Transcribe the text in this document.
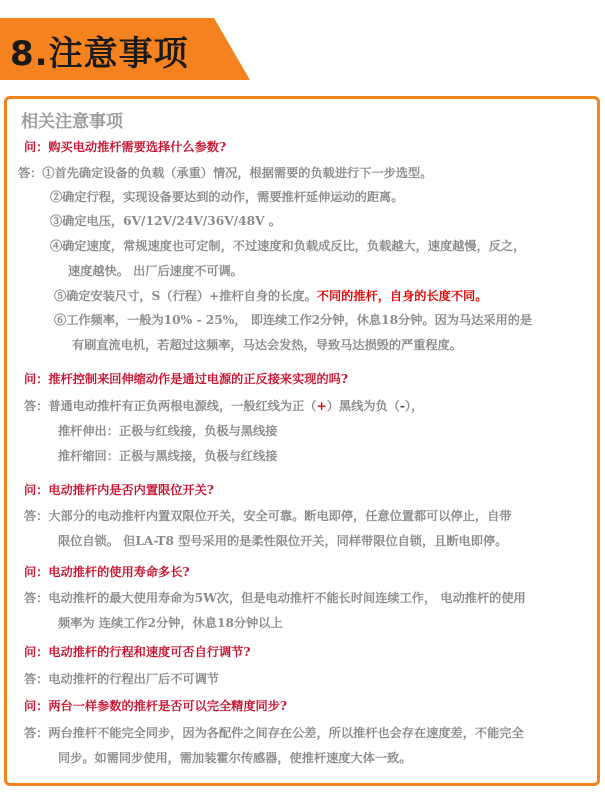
8.注意事项
相关注意事项
问：购买电动推杆需要选择什么参数?
答：①首先确定设备的负载（承重）情况，根据需要的负载进行下一步选型。
②确定行程，实现设备要达到的动作，需要推杆延伸运动的距离。
③确定电压，6V/12V/24V/36V/48V 。
④确定速度，常规速度也可定制，不过速度和负载成反比，负载越大，速度越慢，反之，
速度越快。 出厂后速度不可调。
⑤确定安装尺寸，S（行程）+推杆自身的长度。不同的推杆，自身的长度不同。
⑥工作频率，一般为10% - 25%， 即连续工作2分钟，休息18分钟。因为马达采用的是
有刷直流电机，若超过这频率，马达会发热，导致马达损毁的严重程度。
问：推杆控制来回伸缩动作是通过电源的正反接来实现的吗?
答：普通电动推杆有正负两根电源线，一般红线为正（+）黑线为负（-），
推杆伸出：正极与红线接，负极与黑线接
推杆缩回：正极与黑线接，负极与红线接
问：电动推杆内是否内置限位开关?
答：大部分的电动推杆内置双限位开关，安全可靠。断电即停，任意位置都可以停止，自带
限位自锁。 但LA-T8 型号采用的是柔性限位开关，同样带限位自锁，且断电即停。
问：电动推杆的使用寿命多长?
答：电动推杆的最大使用寿命为5W次，但是电动推杆不能长时间连续工作， 电动推杆的使用
频率为 连续工作2分钟，休息18分钟以上
问：电动推杆的行程和速度可否自行调节?
答：电动推杆的行程出厂后不可调节
问：两台一样参数的推杆是否可以完全精度同步?
答：两台推杆不能完全同步，因为各配件之间存在公差，所以推杆也会存在速度差，不能完全
同步。如需同步使用，需加装霍尔传感器，使推杆速度大体一致。
